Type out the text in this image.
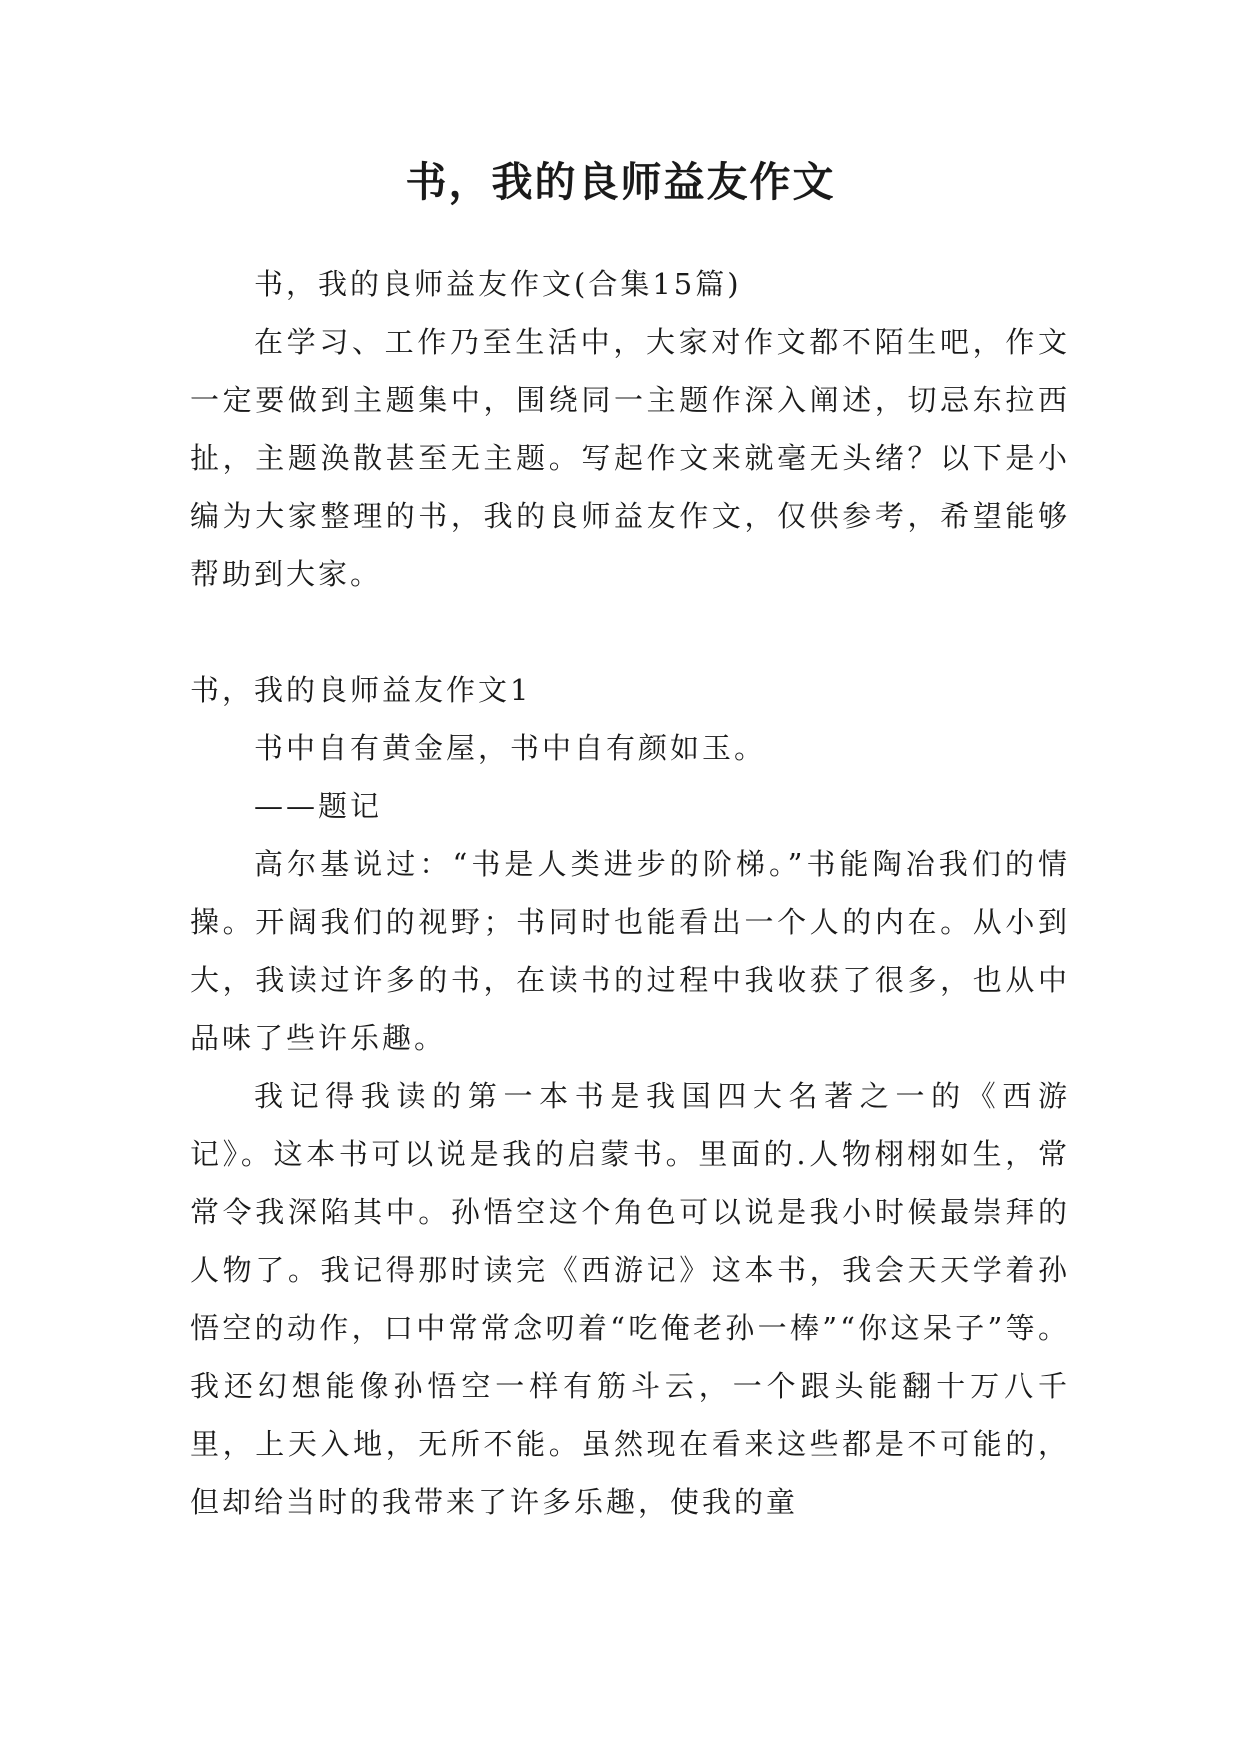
书，我的良师益友作文

书，我的良师益友作文(合集15篇)

在学习、工作乃至生活中，大家对作文都不陌生吧，作文一定要做到主题集中，围绕同一主题作深入阐述，切忌东拉西扯，主题涣散甚至无主题。写起作文来就毫无头绪？以下是小编为大家整理的书，我的良师益友作文，仅供参考，希望能够帮助到大家。

书，我的良师益友作文1

书中自有黄金屋，书中自有颜如玉。

——题记

高尔基说过：“书是人类进步的阶梯。”书能陶冶我们的情操。开阔我们的视野；书同时也能看出一个人的内在。从小到大，我读过许多的书，在读书的过程中我收获了很多，也从中品味了些许乐趣。

我记得我读的第一本书是我国四大名著之一的《西游记》。这本书可以说是我的启蒙书。里面的.人物栩栩如生，常常令我深陷其中。孙悟空这个角色可以说是我小时候最崇拜的人物了。我记得那时读完《西游记》这本书，我会天天学着孙悟空的动作，口中常常念叨着“吃俺老孙一棒”“你这呆子”等。我还幻想能像孙悟空一样有筋斗云，一个跟头能翻十万八千里，上天入地，无所不能。虽然现在看来这些都是不可能的，但却给当时的我带来了许多乐趣，使我的童
